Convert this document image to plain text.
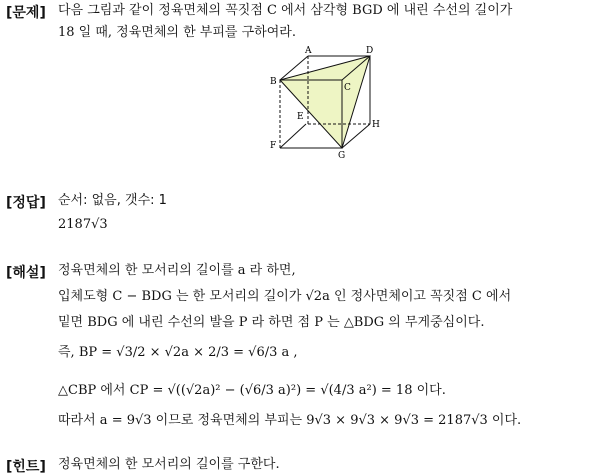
[문제] 다음 그림과 같이 정육면체의 꼭짓점 C 에서 삼각형 BGD 에 내린 수선의 길이가
18 일 때, 정육면체의 한 부피를 구하여라.
A
B
C
D
E
F
G
H
[정답] 순서: 없음, 갯수: 1
2187√3
[해설] 정육면체의 한 모서리의 길이를 a 라 하면,
입체도형 C − BDG 는 한 모서리의 길이가 √2a 인 정사면체이고 꼭짓점 C 에서
밑면 BDG 에 내린 수선의 발을 P 라 하면 점 P 는 △BDG 의 무게중심이다.
즉, BP = √3/2 × √2a × 2/3 = √6/3 a ,
△CBP 에서 CP = √((√2a)² − (√6/3 a)²) = √(4/3 a²) = 18 이다.
따라서 a = 9√3 이므로 정육면체의 부피는 9√3 × 9√3 × 9√3 = 2187√3 이다.
[힌트] 정육면체의 한 모서리의 길이를 구한다.
